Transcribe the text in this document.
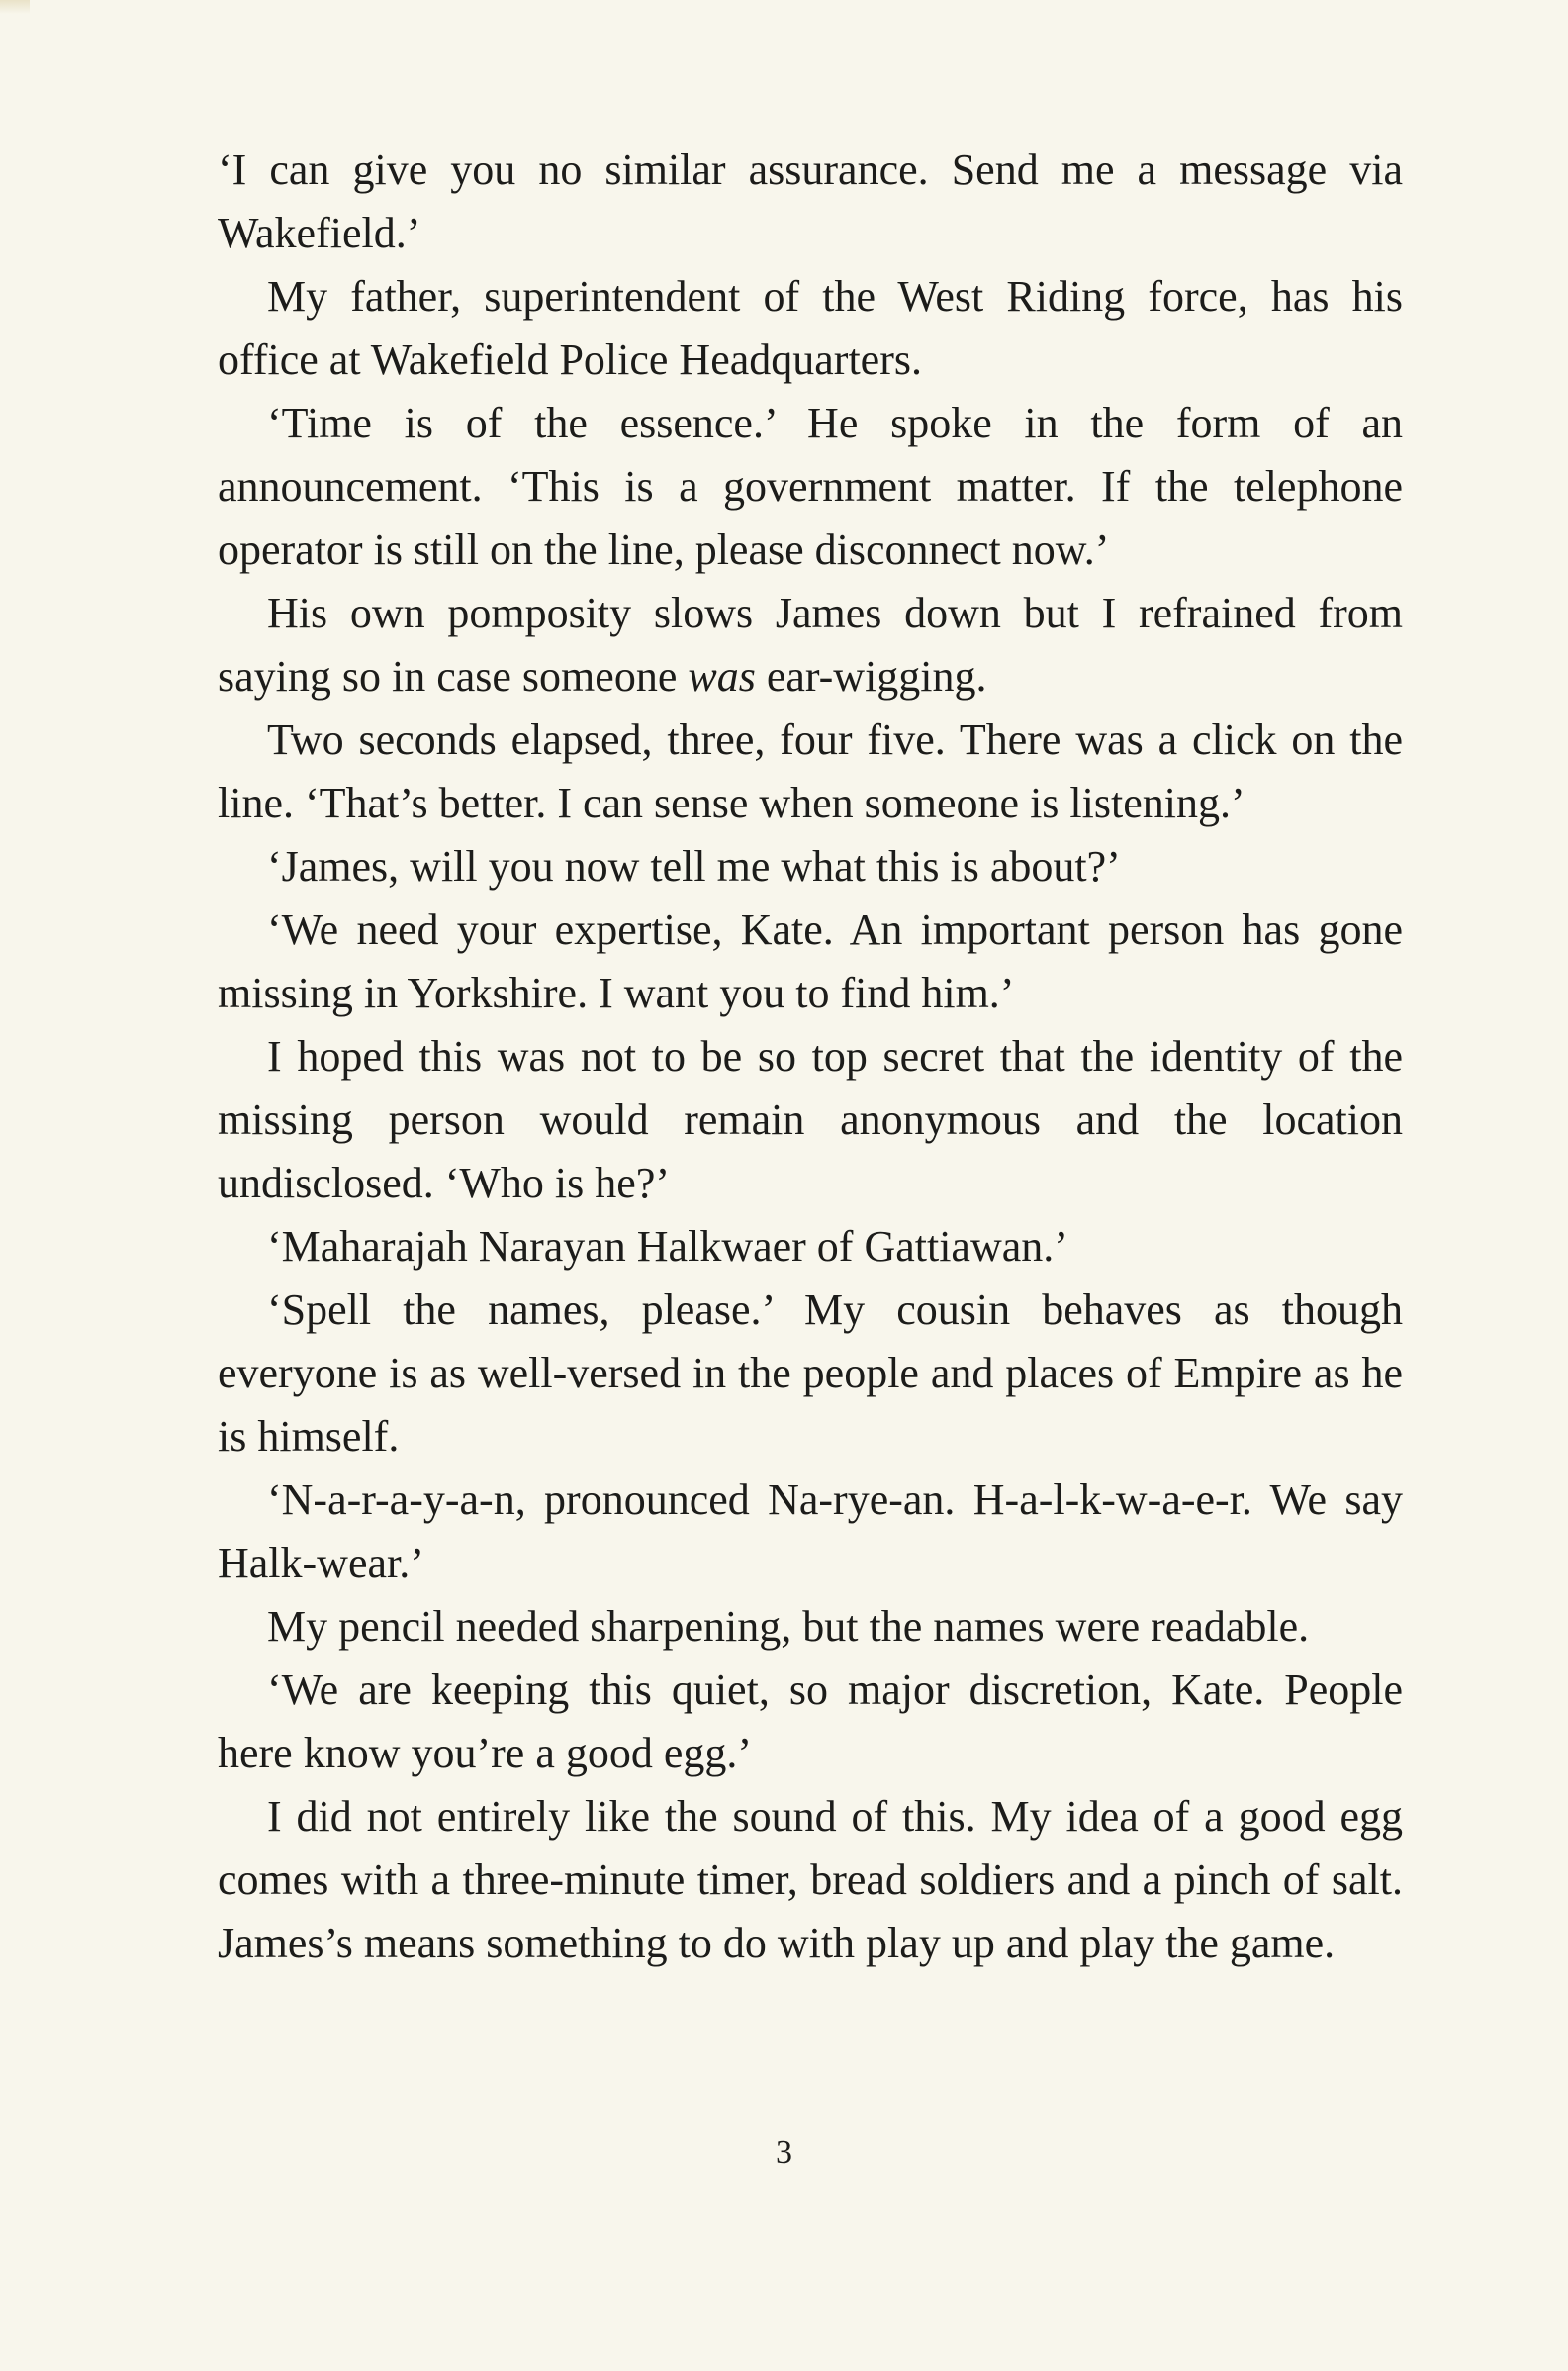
‘I can give you no similar assurance. Send me a message via Wakefield.’

My father, superintendent of the West Riding force, has his office at Wakefield Police Headquarters.

‘Time is of the essence.’ He spoke in the form of an announcement. ‘This is a government matter. If the telephone operator is still on the line, please disconnect now.’

His own pomposity slows James down but I refrained from saying so in case someone was ear-wigging.

Two seconds elapsed, three, four five. There was a click on the line. ‘That’s better. I can sense when someone is listening.’

‘James, will you now tell me what this is about?’

‘We need your expertise, Kate. An important person has gone missing in Yorkshire. I want you to find him.’

I hoped this was not to be so top secret that the identity of the missing person would remain anonymous and the location undisclosed. ‘Who is he?’

‘Maharajah Narayan Halkwaer of Gattiawan.’

‘Spell the names, please.’ My cousin behaves as though everyone is as well-versed in the people and places of Empire as he is himself.

‘N-a-r-a-y-a-n, pronounced Na-rye-an. H-a-l-k-w-a-e-r. We say Halk-wear.’

My pencil needed sharpening, but the names were readable.

‘We are keeping this quiet, so major discretion, Kate. People here know you’re a good egg.’

I did not entirely like the sound of this. My idea of a good egg comes with a three-minute timer, bread soldiers and a pinch of salt. James’s means something to do with play up and play the game.

3
